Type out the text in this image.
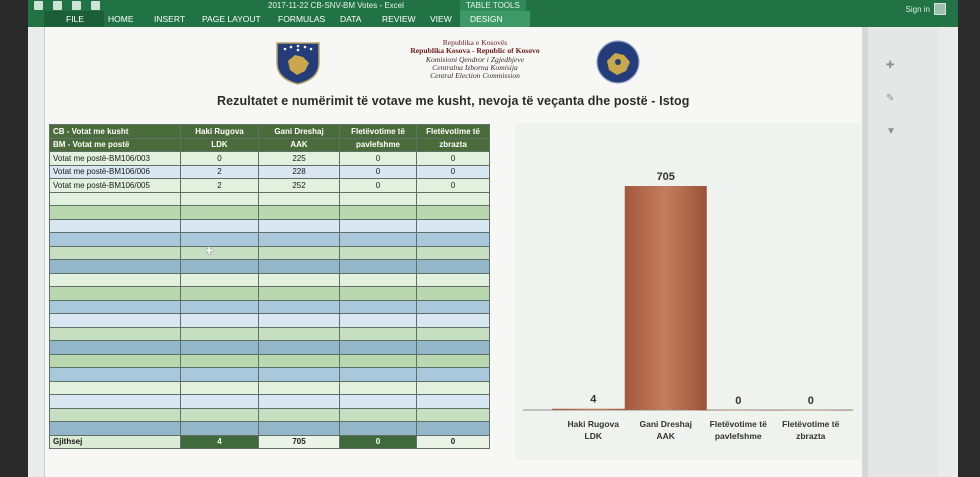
2017-11-22 CB-SNV-BM Votes - Excel	TABLE TOOLS
FILE	HOME INSERT PAGE LAYOUT FORMULAS DATA REVIEW VIEW	DESIGN
Sign in
Republika e Kosovës
Republika Kosova - Republic of Kosovo
Komisioni Qendror i Zgjedhjeve
Centralna Izborna Komisija
Central Election Commission
Rezultatet e numërimit të votave me kusht, nevoja të veçanta dhe postë - Istog
CB - Votat me kusht	Haki Rugova	Gani Dreshaj	Fletëvotime të	Fletëvotime të
BM - Votat me postë	LDK	AAK	pavlefshme	zbrazta
Votat me postë-BM106/003	0	225	0	0
Votat me postë-BM106/006	2	228	0	0
Votat me postë-BM106/005	2	252	0	0

Gjithsej	4	705	0	0
✚
4
Haki Rugova
LDK
705
Gani Dreshaj
AAK
0
Fletëvotime të
pavlefshme
0
Fletëvotime të
zbrazta
✚
✎
▼
